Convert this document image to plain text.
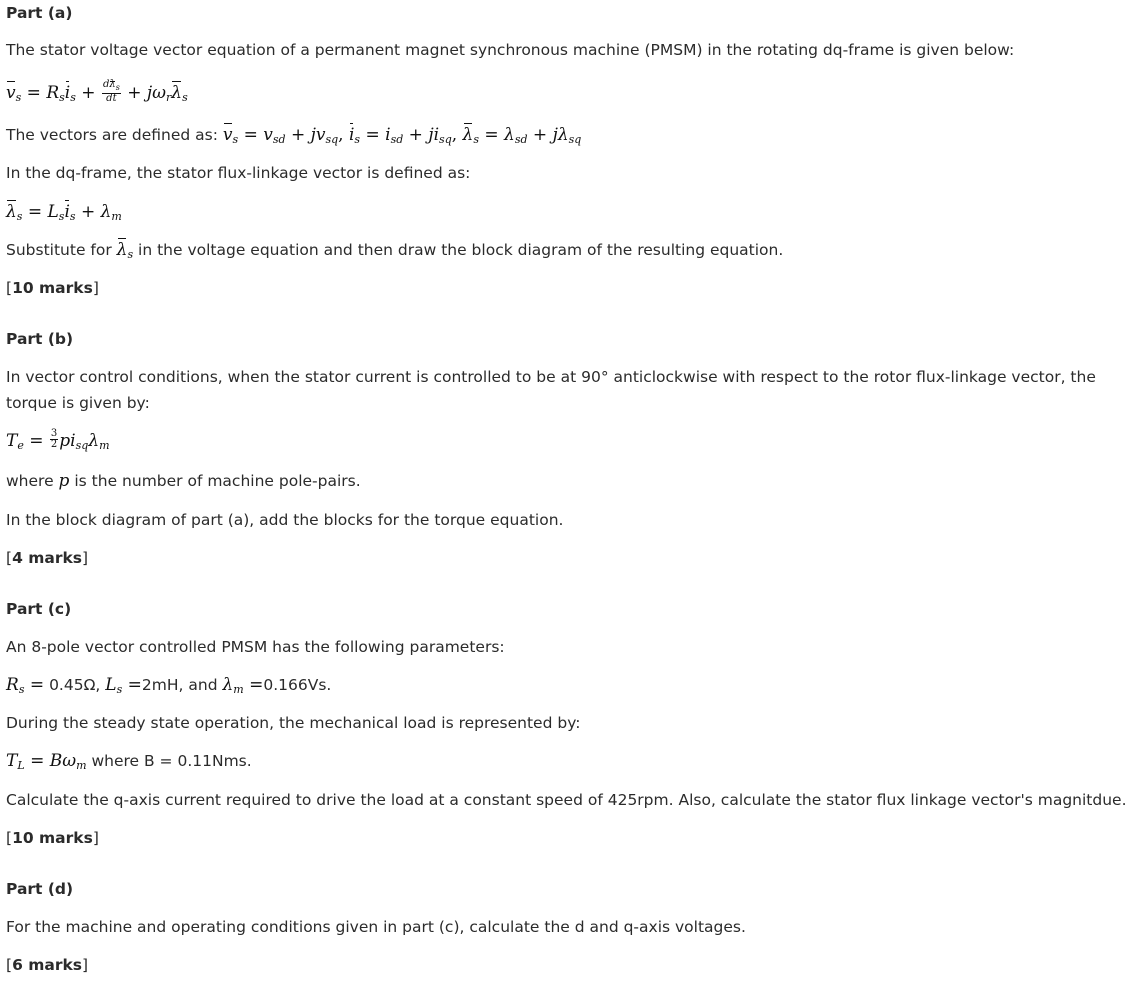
Part (a)
The stator voltage vector equation of a permanent magnet synchronous machine (PMSM) in the rotating dq-frame is given below:
$v_s = R_si_s + \frac{d\lambda_s}{dt} + j\omega_r\lambda_s$
The vectors are defined as: $v_s = v_{sd} + jv_{sq}$, $i_s = i_{sd} + ji_{sq}$, $\lambda_s = \lambda_{sd} + j\lambda_{sq}$
In the dq-frame, the stator flux-linkage vector is defined as:
$\lambda_s = L_si_s + \lambda_m$
Substitute for $\lambda_s$ in the voltage equation and then draw the block diagram of the resulting equation.
[10 marks]
Part (b)
In vector control conditions, when the stator current is controlled to be at 90° anticlockwise with respect to the rotor flux-linkage vector, the torque is given by:
$T_e = \frac{3}{2} pi_{sq}\lambda_m$
where p is the number of machine pole-pairs.
In the block diagram of part (a), add the blocks for the torque equation.
[4 marks]
Part (c)
An 8-pole vector controlled PMSM has the following parameters:
$R_s = 0.45\Omega$, $L_s =2mH$, and $\lambda_m =0.166Vs$.
During the steady state operation, the mechanical load is represented by:
$T_L = B\omega_m$ where B = 0.11Nms.
Calculate the q-axis current required to drive the load at a constant speed of 425rpm. Also, calculate the stator flux linkage vector's magnitdue.
[10 marks]
Part (d)
For the machine and operating conditions given in part (c), calculate the d and q-axis voltages.
[6 marks]
